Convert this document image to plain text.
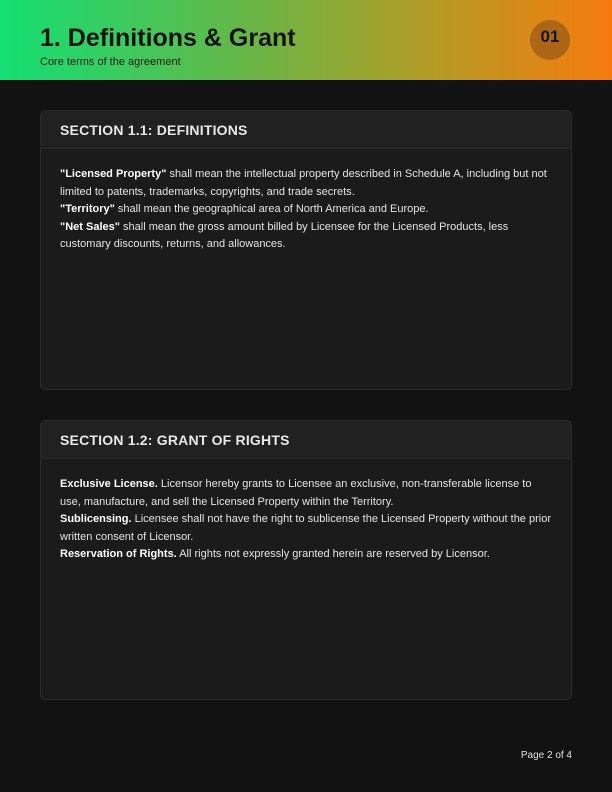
1. Definitions & Grant
Core terms of the agreement
01
SECTION 1.1: DEFINITIONS

"Licensed Property" shall mean the intellectual property described in Schedule A, including but not limited to patents, trademarks, copyrights, and trade secrets.

"Territory" shall mean the geographical area of North America and Europe.

"Net Sales" shall mean the gross amount billed by Licensee for the Licensed Products, less customary discounts, returns, and allowances.

SECTION 1.2: GRANT OF RIGHTS

Exclusive License. Licensor hereby grants to Licensee an exclusive, non-transferable license to use, manufacture, and sell the Licensed Property within the Territory.

Sublicensing. Licensee shall not have the right to sublicense the Licensed Property without the prior written consent of Licensor.

Reservation of Rights. All rights not expressly granted herein are reserved by Licensor.

Page 2 of 4
